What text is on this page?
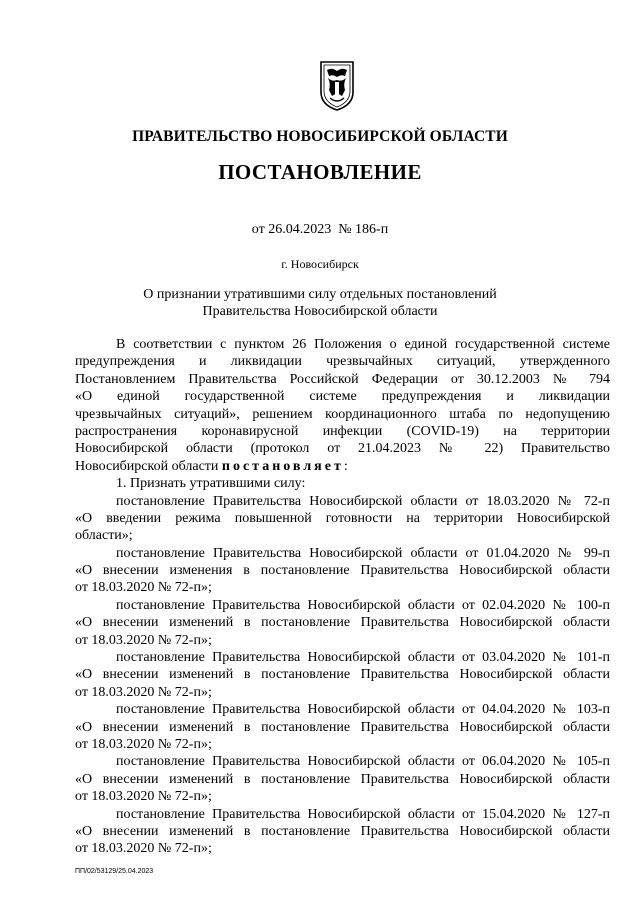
ПРАВИТЕЛЬСТВО НОВОСИБИРСКОЙ ОБЛАСТИ
ПОСТАНОВЛЕНИЕ
от 26.04.2023  № 186-п
г. Новосибирск
О признании утратившими силу отдельных постановлений
Правительства Новосибирской области
В соответствии с пунктом 26 Положения о единой государственной системе
предупреждения и ликвидации чрезвычайных ситуаций, утвержденного
Постановлением Правительства Российской Федерации от 30.12.2003 № 794
«О единой государственной системе предупреждения и ликвидации
чрезвычайных ситуаций», решением координационного штаба по недопущению
распространения коронавирусной инфекции (COVID-19) на территории
Новосибирской области (протокол от 21.04.2023 № 22) Правительство
Новосибирской области постановляет:
1. Признать утратившими силу:
постановление Правительства Новосибирской области от 18.03.2020 № 72-п
«О введении режима повышенной готовности на территории Новосибирской
области»;
постановление Правительства Новосибирской области от 01.04.2020 № 99-п
«О внесении изменения в постановление Правительства Новосибирской области
от 18.03.2020 № 72-п»;
постановление Правительства Новосибирской области от 02.04.2020 № 100-п
«О внесении изменений в постановление Правительства Новосибирской области
от 18.03.2020 № 72-п»;
постановление Правительства Новосибирской области от 03.04.2020 № 101-п
«О внесении изменений в постановление Правительства Новосибирской области
от 18.03.2020 № 72-п»;
постановление Правительства Новосибирской области от 04.04.2020 № 103-п
«О внесении изменений в постановление Правительства Новосибирской области
от 18.03.2020 № 72-п»;
постановление Правительства Новосибирской области от 06.04.2020 № 105-п
«О внесении изменений в постановление Правительства Новосибирской области
от 18.03.2020 № 72-п»;
постановление Правительства Новосибирской области от 15.04.2020 № 127-п
«О внесении изменений в постановление Правительства Новосибирской области
от 18.03.2020 № 72-п»;
ПП/02/53129/25.04.2023
